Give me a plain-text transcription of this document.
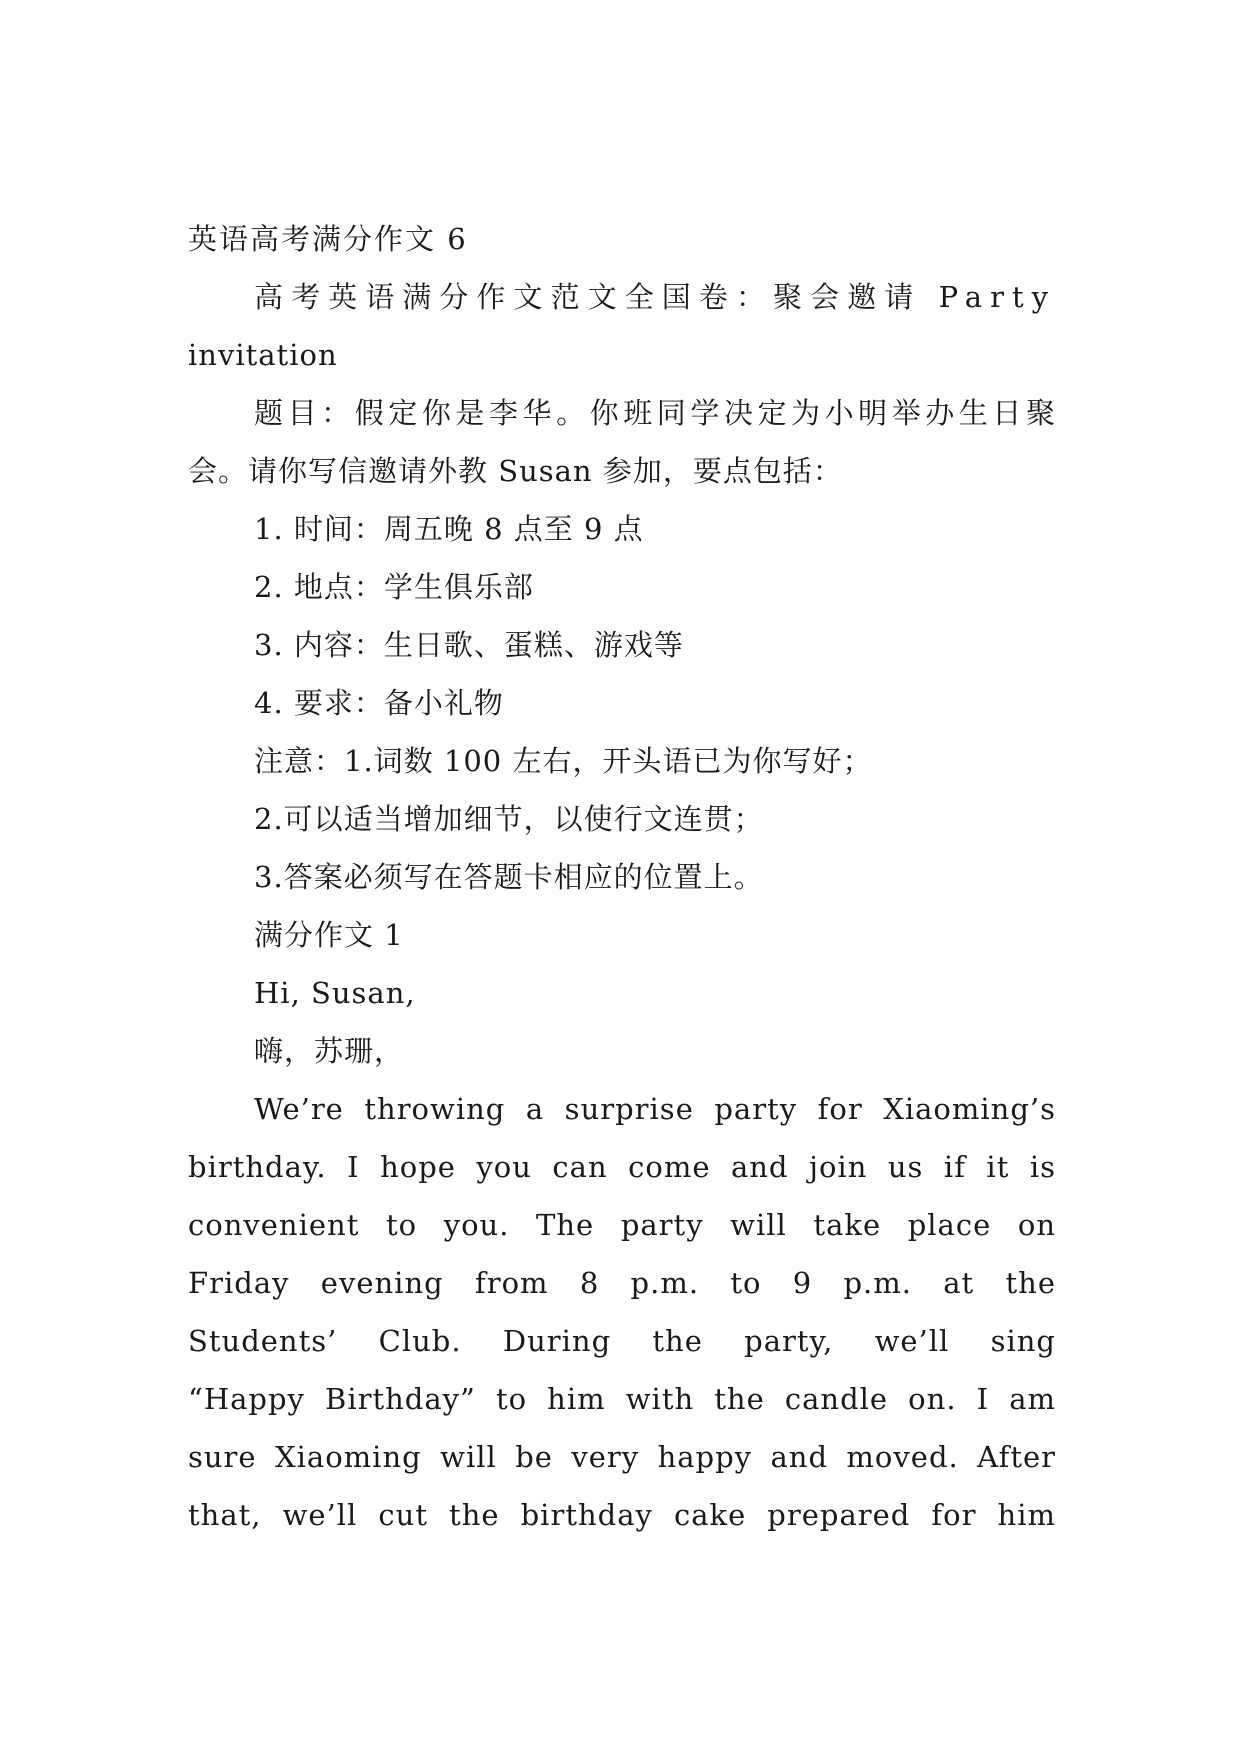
英语高考满分作文 6
高考英语满分作文范文全国卷：聚会邀请 Party
invitation
题目：假定你是李华。你班同学决定为小明举办生日聚
会。请你写信邀请外教 Susan 参加，要点包括：
1. 时间：周五晚 8 点至 9 点
2. 地点：学生俱乐部
3. 内容：生日歌、蛋糕、游戏等
4. 要求：备小礼物
注意：1.词数 100 左右，开头语已为你写好；
2.可以适当增加细节，以使行文连贯；
3.答案必须写在答题卡相应的位置上。
满分作文 1
Hi, Susan,
嗨，苏珊，
We’re throwing a surprise party for Xiaoming’s
birthday. I hope you can come and join us if it is
convenient to you. The party will take place on
Friday evening from 8 p.m. to 9 p.m. at the
Students’ Club. During the party, we’ll sing
“Happy Birthday” to him with the candle on. I am
sure Xiaoming will be very happy and moved. After
that, we’ll cut the birthday cake prepared for him
